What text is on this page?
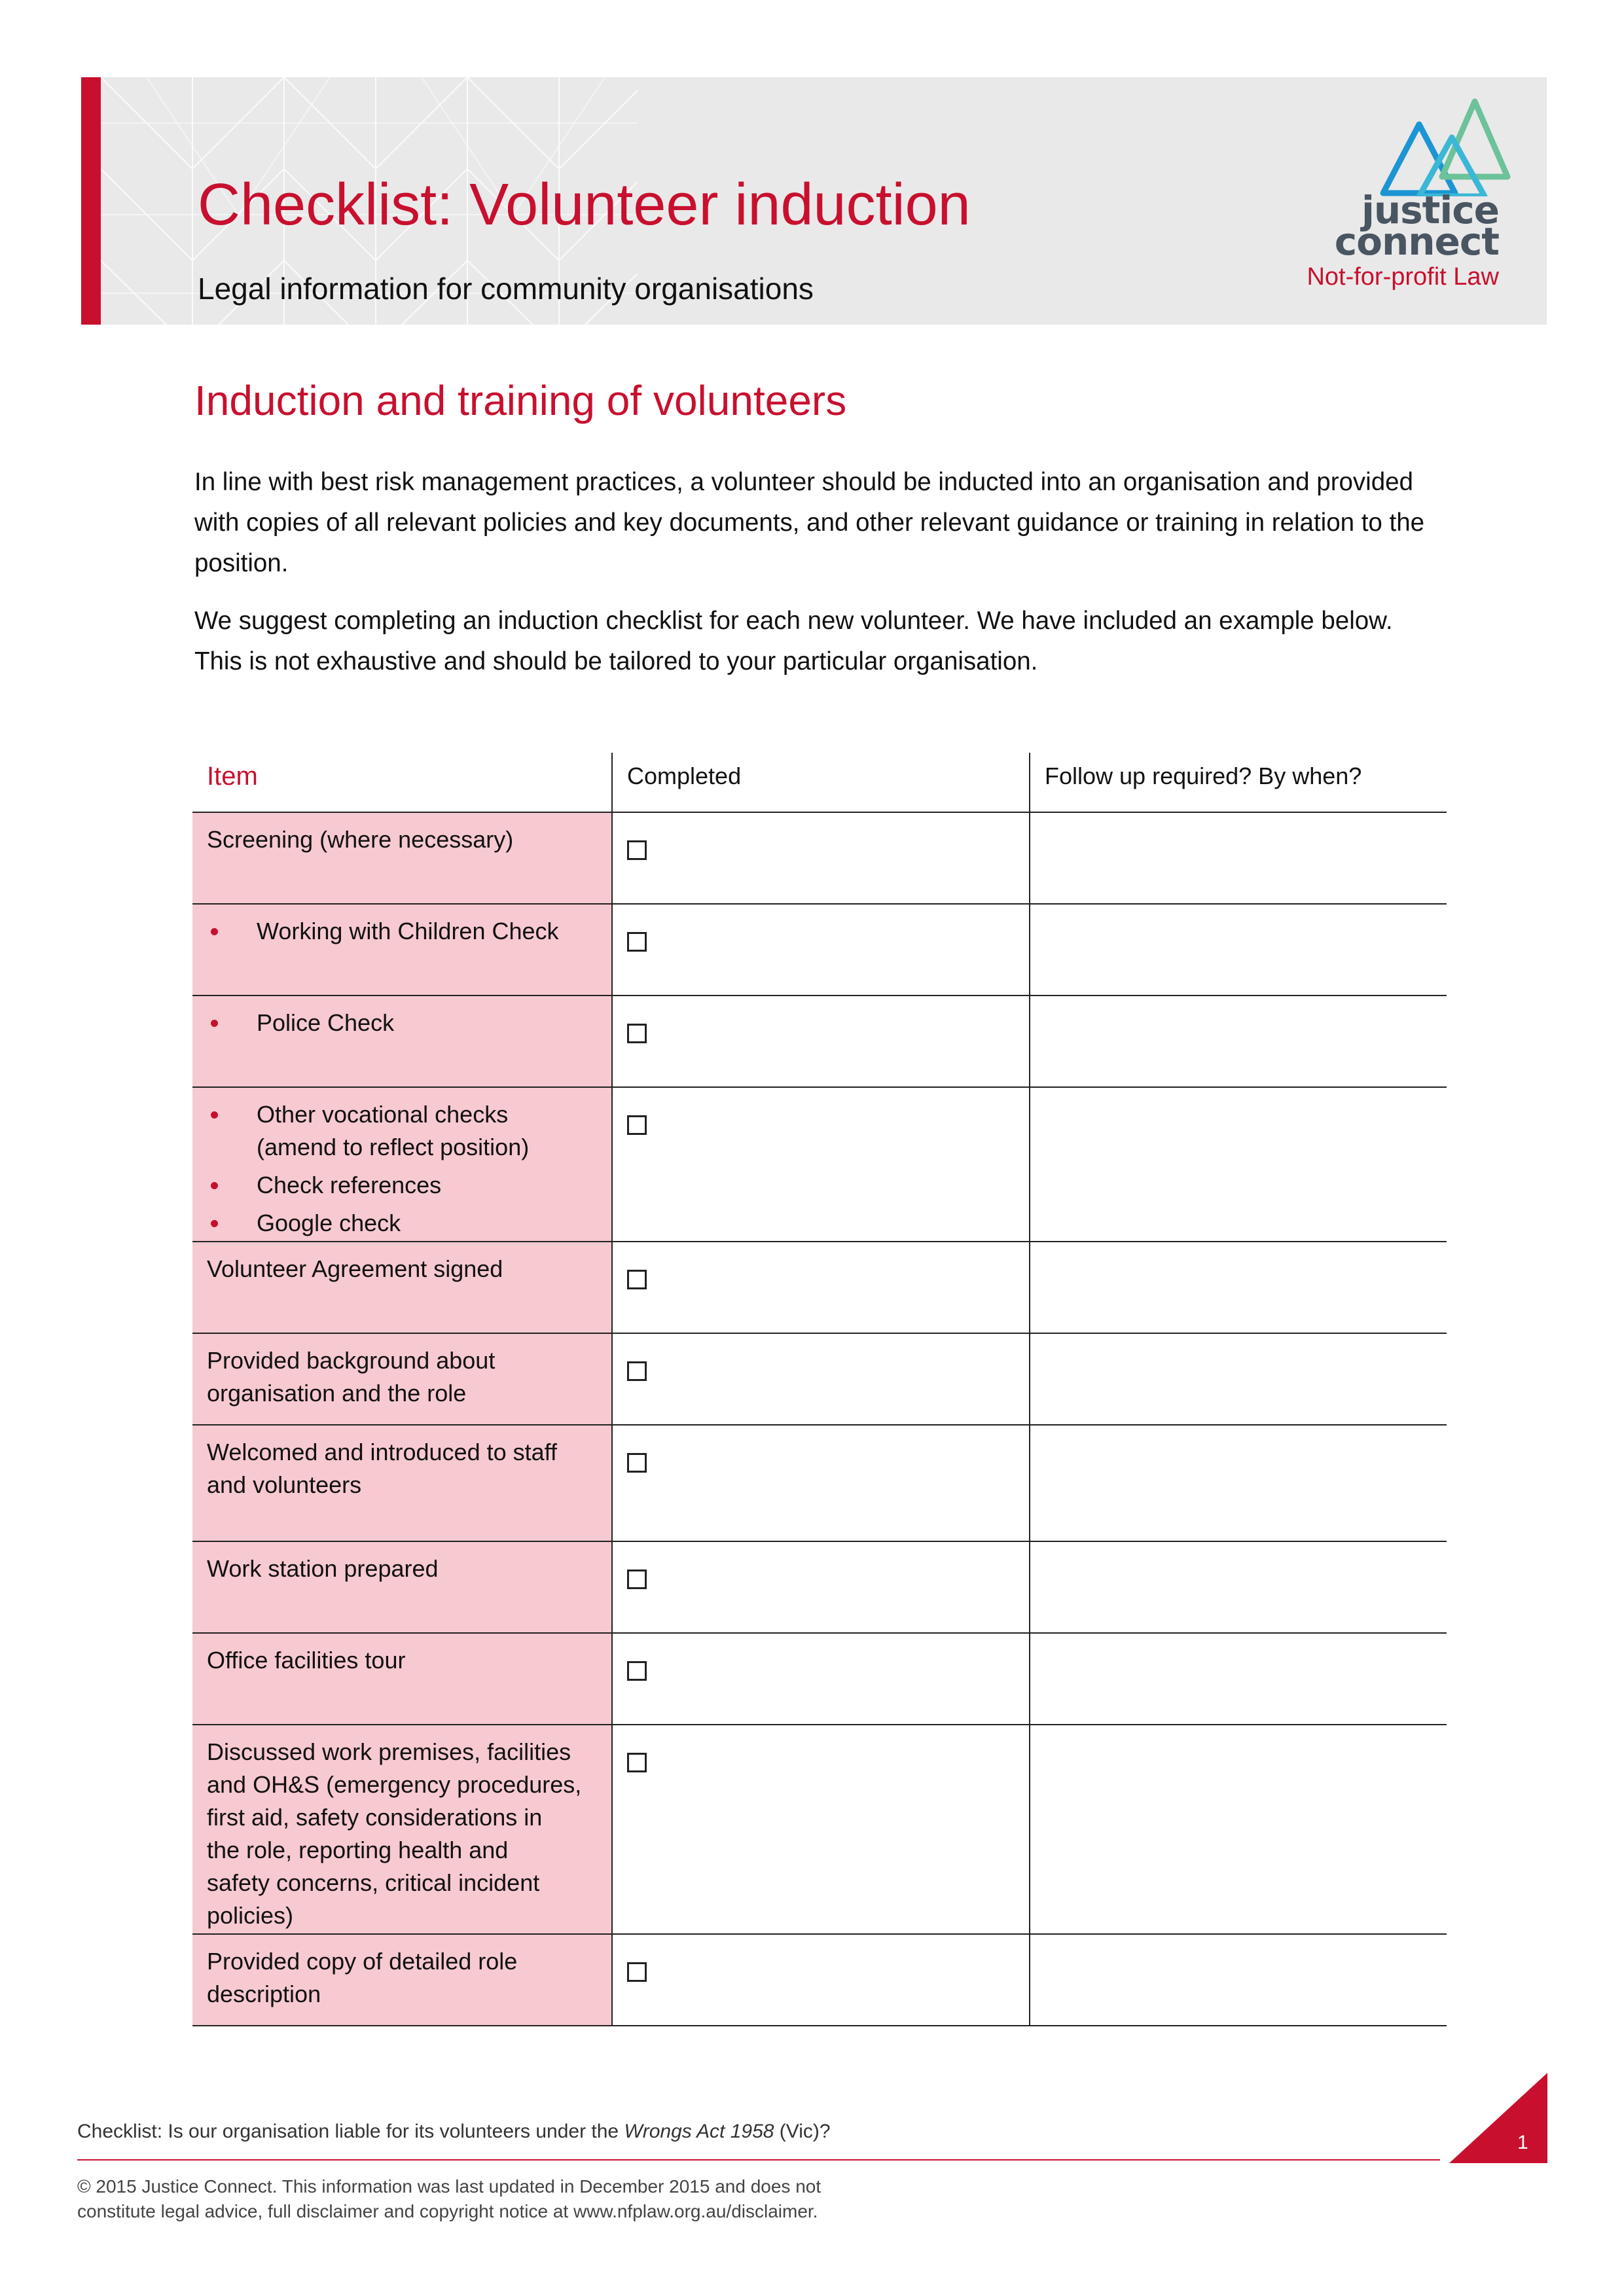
Checklist: Volunteer induction
Legal information for community organisations
justice
connect
Not-for-profit Law
Induction and training of volunteers

In line with best risk management practices, a volunteer should be inducted into an organisation and provided with copies of all relevant policies and key documents, and other relevant guidance or training in relation to the position.

We suggest completing an induction checklist for each new volunteer. We have included an example below. This is not exhaustive and should be tailored to your particular organisation.

Item	Completed	Follow up required? By when?
Screening (where necessary)
Working with Children Check
Police Check
Other vocational checks
(amend to reflect position)
Check references
Google check
Volunteer Agreement signed
Provided background about
organisation and the role
Welcomed and introduced to staff
and volunteers
Work station prepared
Office facilities tour
Discussed work premises, facilities
and OH&S (emergency procedures,
first aid, safety considerations in
the role, reporting health and
safety concerns, critical incident
policies)
Provided copy of detailed role
description
Checklist: Is our organisation liable for its volunteers under the Wrongs Act 1958 (Vic)?
© 2015 Justice Connect. This information was last updated in December 2015 and does not
constitute legal advice, full disclaimer and copyright notice at www.nfplaw.org.au/disclaimer.
1
